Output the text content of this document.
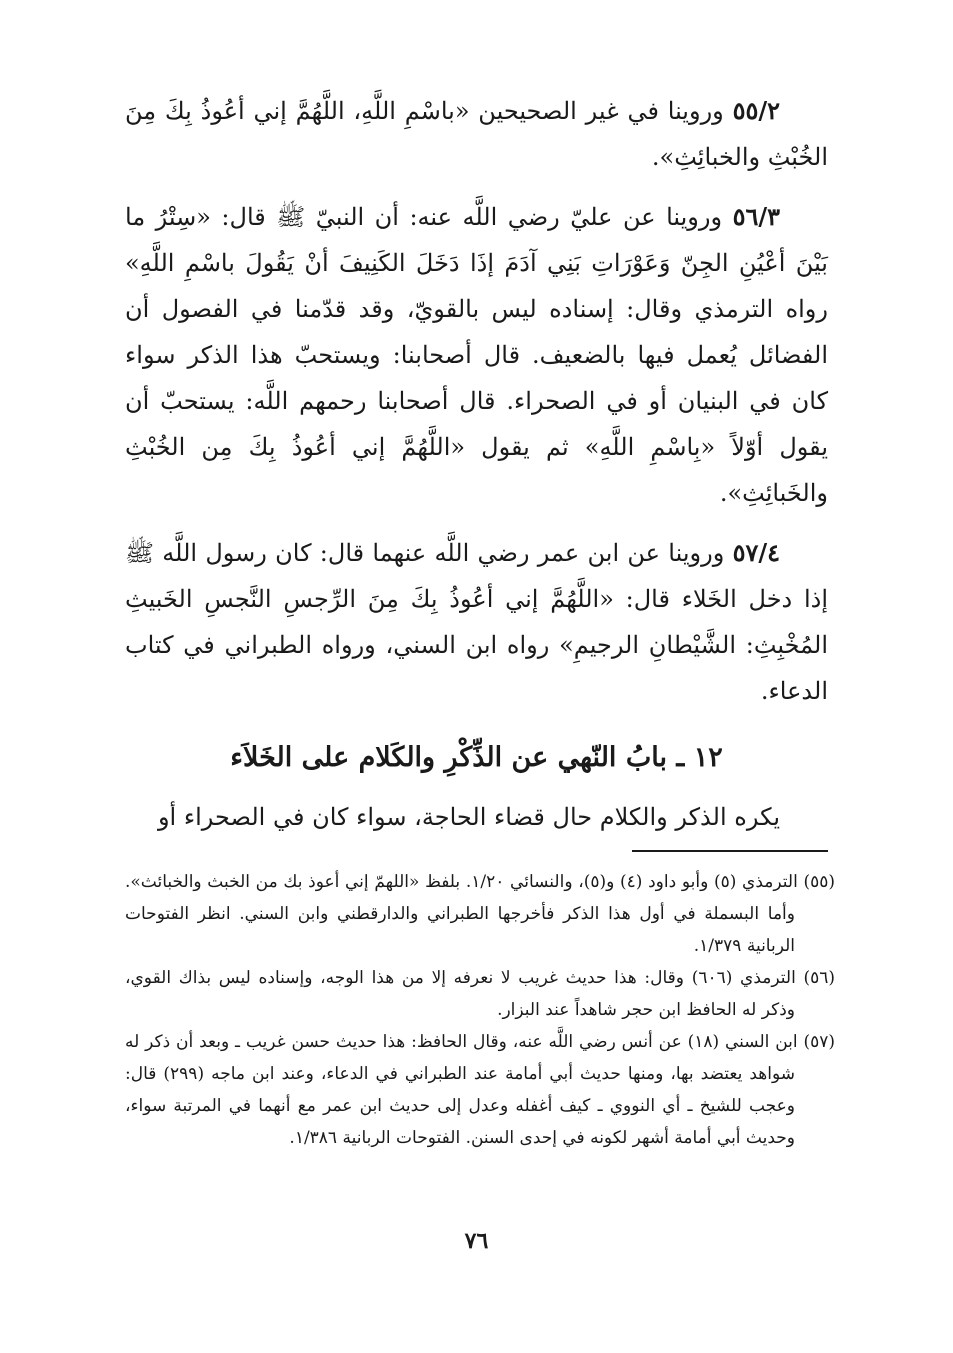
٥٥/٢ وروينا في غير الصحيحين «باسْمِ اللَّهِ، اللَّهُمَّ إني أعُوذُ بِكَ مِنَ الخُبْثِ والخبائِثِ».

٥٦/٣ وروينا عن عليّ رضي اللَّه عنه: أن النبيّ ﷺ قال: «سِتْرُ ما بَيْنَ أعْيُنِ الجِنّ وَعَوْرَاتِ بَنِي آدَمَ إذَا دَخَلَ الكَنِيفَ أنْ يَقُولَ باسْمِ اللَّهِ» رواه الترمذي وقال: إسناده ليس بالقويّ، وقد قدّمنا في الفصول أن الفضائل يُعمل فيها بالضعيف. قال أصحابنا: ويستحبّ هذا الذكر سواء كان في البنيان أو في الصحراء. قال أصحابنا رحمهم اللَّه: يستحبّ أن يقول أوّلاً «بِاسْمِ اللَّهِ» ثم يقول «اللَّهُمَّ إني أعُوذُ بِكَ مِن الخُبْثِ والخَبائِثِ».

٥٧/٤ وروينا عن ابن عمر رضي اللَّه عنهما قال: كان رسول اللَّه ﷺ إذا دخل الخَلاء قال: «اللَّهُمَّ إني أعُوذُ بِكَ مِنَ الرِّجسِ النَّجسِ الخَبيثِ المُخْبِثِ: الشَّيْطانِ الرجيمِ» رواه ابن السني، ورواه الطبراني في كتاب الدعاء.

١٢ ـ بابُ النّهي عن الذِّكْرِ والكَلام على الخَلاَء
يكره الذكر والكلام حال قضاء الحاجة، سواء كان في الصحراء أو

(٥٥) الترمذي (٥) وأبو داود (٤) و(٥)، والنسائي ١/٢٠. بلفظ «اللهمّ إني أعوذ بك من الخبث والخبائث». وأما البسملة في أول هذا الذكر فأخرجها الطبراني والدارقطني وابن السني. انظر الفتوحات الربانية ١/٣٧٩.

(٥٦) الترمذي (٦٠٦) وقال: هذا حديث غريب لا نعرفه إلا من هذا الوجه، وإسناده ليس بذاك القوي، وذكر له الحافظ ابن حجر شاهداً عند البزار.

(٥٧) ابن السني (١٨) عن أنس رضي اللَّه عنه، وقال الحافظ: هذا حديث حسن غريب ـ وبعد أن ذكر له شواهد يعتضد بها، ومنها حديث أبي أمامة عند الطبراني في الدعاء، وعند ابن ماجه (٢٩٩) قال: وعجب للشيخ ـ أي النووي ـ كيف أغفله وعدل إلى حديث ابن عمر مع أنهما في المرتبة سواء، وحديث أبي أمامة أشهر لكونه في إحدى السنن. الفتوحات الربانية ١/٣٨٦.

٧٦
